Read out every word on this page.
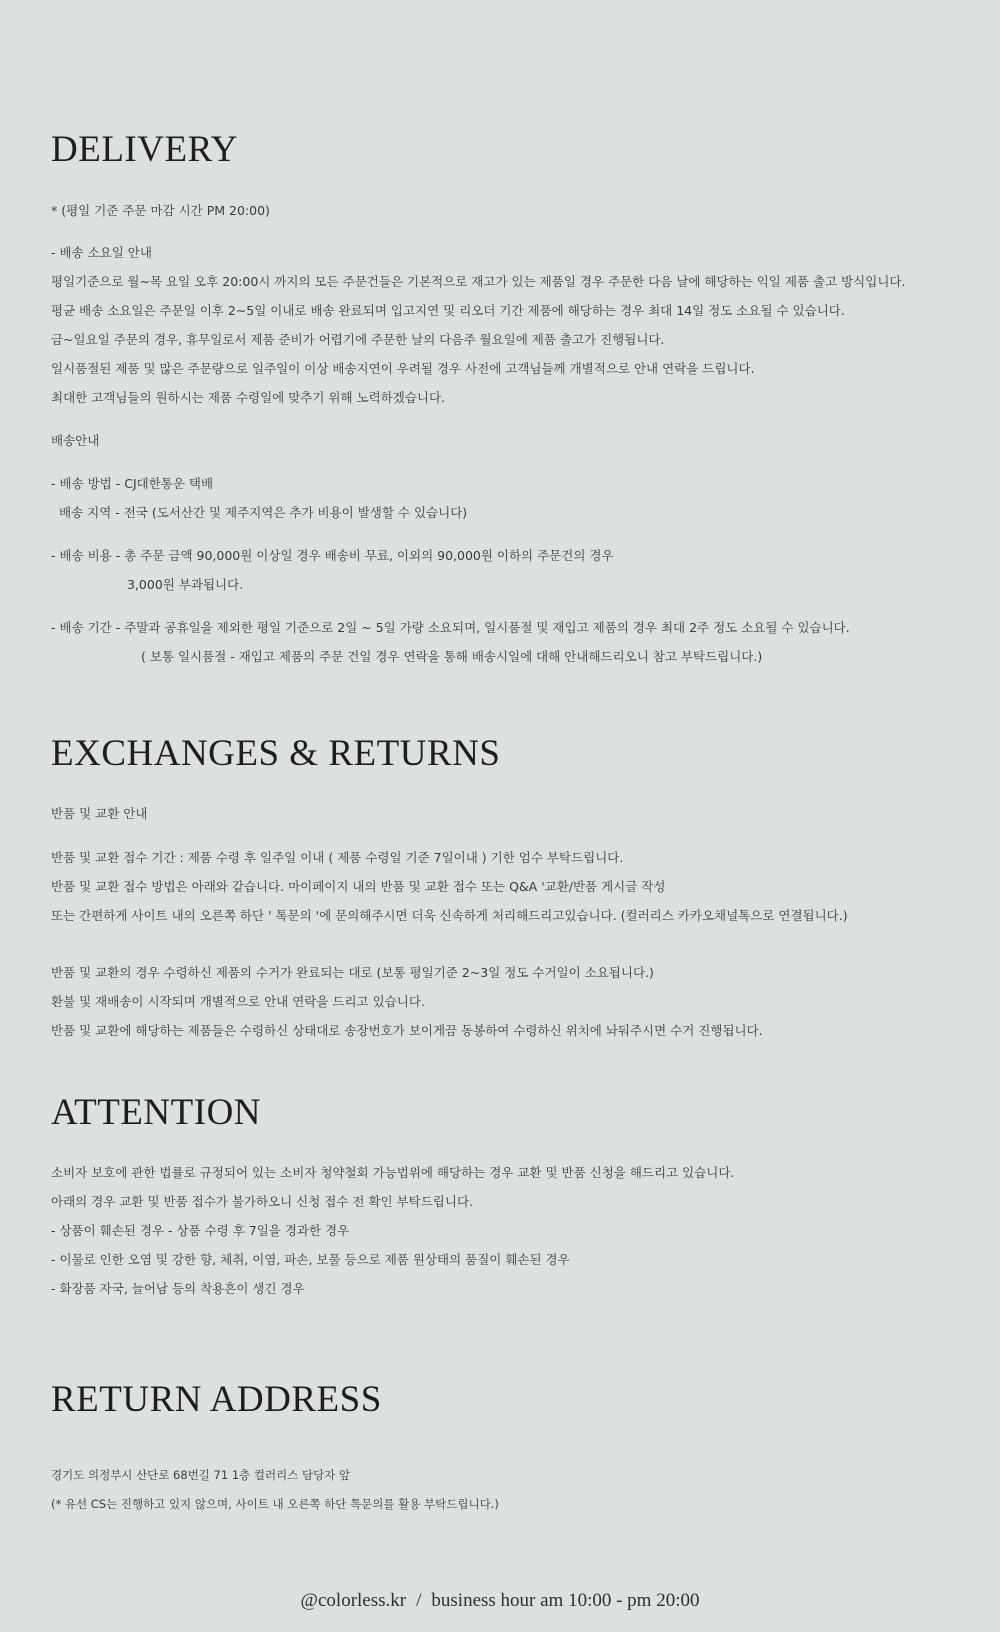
DELIVERY
* (평일 기준 주문 마감 시간 PM 20:00)
- 배송 소요일 안내
평일기준으로 월~목 요일 오후 20:00시 까지의 모든 주문건들은 기본적으로 재고가 있는 제품일 경우 주문한 다음 날에 해당하는 익일 제품 출고 방식입니다.
평균 배송 소요일은 주문일 이후 2~5일 이내로 배송 완료되며 입고지연 및 리오더 기간 제품에 해당하는 경우 최대 14일 정도 소요될 수 있습니다.
금~일요일 주문의 경우, 휴무일로서 제품 준비가 어렵기에 주문한 날의 다음주 월요일에 제품 출고가 진행됩니다.
일시품절된 제품 및 많은 주문량으로 일주일이 이상 배송지연이 우려될 경우 사전에 고객님들께 개별적으로 안내 연락을 드립니다.
최대한 고객님들의 원하시는 제품 수령일에 맞추기 위해 노력하겠습니다.
배송안내
- 배송 방법 - CJ대한통운 택배
배송 지역 - 전국 (도서산간 및 제주지역은 추가 비용이 발생할 수 있습니다)
- 배송 비용 - 총 주문 금액 90,000원 이상일 경우 배송비 무료, 이외의 90,000원 이하의 주문건의 경우
3,000원 부과됩니다.
- 배송 기간 - 주말과 공휴일을 제외한 평일 기준으로 2일 ~ 5일 가량 소요되며, 일시품절 및 재입고 제품의 경우 최대 2주 정도 소요될 수 있습니다.
( 보통 일시품절 - 재입고 제품의 주문 건일 경우 연락을 통해 배송시일에 대해 안내해드리오니 참고 부탁드립니다.)
EXCHANGES & RETURNS
반품 및 교환 안내
반품 및 교환 접수 기간 : 제품 수령 후 일주일 이내 ( 제품 수령일 기준 7일이내 ) 기한 엄수 부탁드립니다.
반품 및 교환 접수 방법은 아래와 같습니다. 마이페이지 내의 반품 및 교환 접수 또는 Q&A '교환/반품 게시글 작성
또는 간편하게 사이트 내의 오른쪽 하단 ' 톡문의 '에 문의해주시면 더욱 신속하게 처리해드리고있습니다. (컬러리스 카카오채널톡으로 연결됩니다.)
반품 및 교환의 경우 수령하신 제품의 수거가 완료되는 대로 (보통 평일기준 2~3일 정도 수거일이 소요됩니다.)
환불 및 재배송이 시작되며 개별적으로 안내 연락을 드리고 있습니다.
반품 및 교환에 해당하는 제품들은 수령하신 상태대로 송장번호가 보이게끔 동봉하여 수령하신 위치에 놔둬주시면 수거 진행됩니다.
ATTENTION
소비자 보호에 관한 법률로 규정되어 있는 소비자 청약철회 가능법위에 해당하는 경우 교환 및 반품 신청을 해드리고 있습니다.
아래의 경우 교환 및 반품 접수가 불가하오니 신청 접수 전 확인 부탁드립니다.
- 상품이 훼손된 경우 - 상품 수령 후 7일을 경과한 경우
- 이물로 인한 오염 및 강한 향, 체취, 이염, 파손, 보풀 등으로 제품 원상태의 품질이 훼손된 경우
- 화장품 자국, 늘어남 등의 착용흔이 생긴 경우
RETURN ADDRESS
경기도 의정부시 산단로 68번길 71 1층 컬러리스 담당자 앞
(* 유선 CS는 진행하고 있지 않으며, 사이트 내 오른쪽 하단 톡문의를 활용 부탁드립니다.)
@colorless.kr / business hour am 10:00 - pm 20:00
